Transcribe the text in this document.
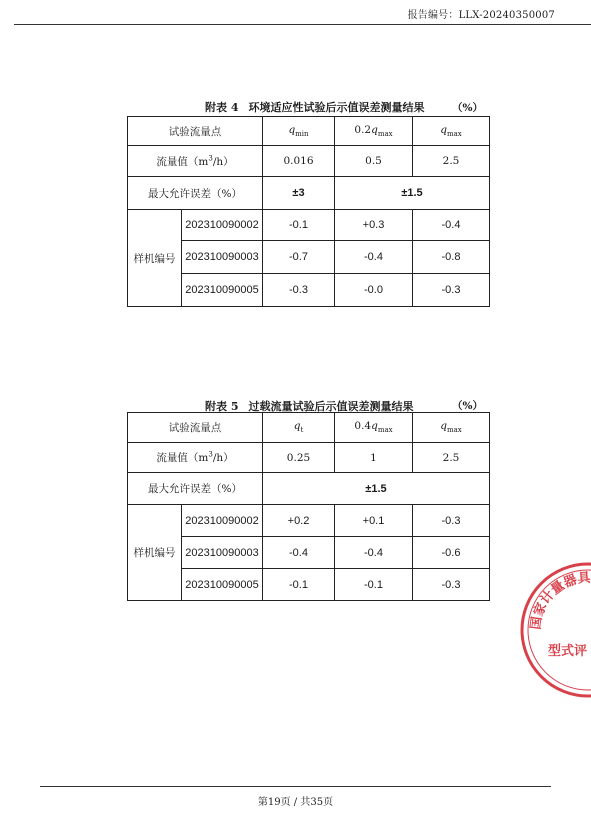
报告编号：LLX-20240350007
附表 4 环境适应性试验后示值误差测量结果	（%）
试验流量点		$q_{min}$	$0.2q_{max}$	$q_{max}$
流量值$(m^3/h)$		0.016	0.5	2.5
最大允许误差（%）		±3	±1.5	
样机编号	202310090002	-0.1	+0.3	-0.4
	202310090003	-0.7	-0.4	-0.8
	202310090005	-0.3	-0.0	-0.3
附表 5 过载流量试验后示值误差测量结果	（%）
试验流量点		$q_t$	$0.4q_{max}$	$q_{max}$
流量值$(m^3/h)$		0.25	1	2.5
最大允许误差（%）		±1.5		
样机编号	202310090002	+0.2	+0.1	-0.3
	202310090003	-0.4	-0.4	-0.6
	202310090005	-0.1	-0.1	-0.3
国家计量器具
型式评
第19页 / 共35页
